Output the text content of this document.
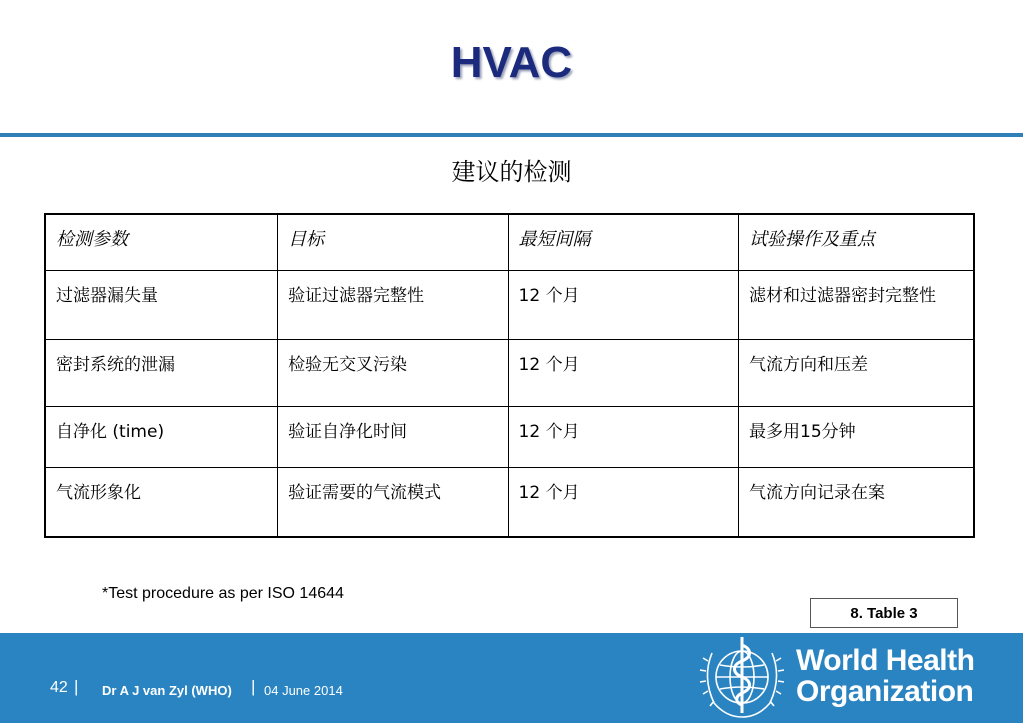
HVAC
建议的检测
检测参数	目标	最短间隔	试验操作及重点
过滤器漏失量	验证过滤器完整性	12 个月	滤材和过滤器密封完整性
密封系统的泄漏	检验无交叉污染	12 个月	气流方向和压差
自净化 (time)	验证自净化时间	12 个月	最多用15分钟
气流形象化	验证需要的气流模式	12 个月	气流方向记录在案
*Test procedure as per ISO 14644
8. Table 3
42 | Dr A J van Zyl (WHO) | 04 June 2014
World Health
Organization
